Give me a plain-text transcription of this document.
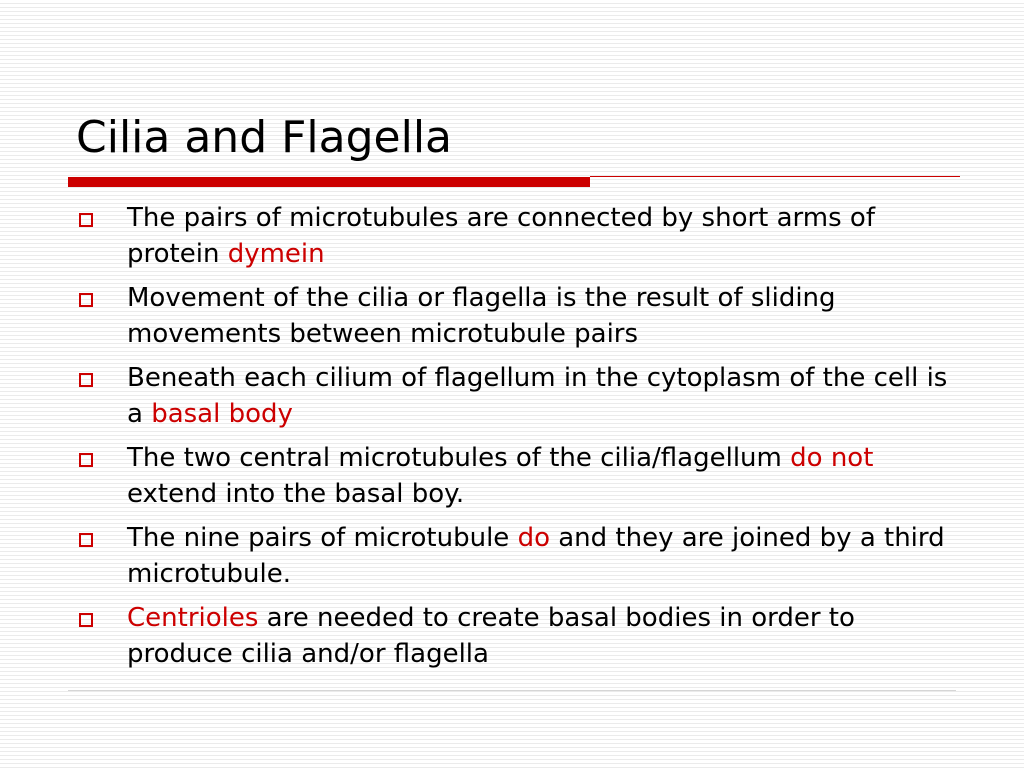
Cilia and Flagella
The pairs of microtubules are connected by short arms of protein dymein
Movement of the cilia or flagella is the result of sliding movements between microtubule pairs
Beneath each cilium of flagellum in the cytoplasm of the cell is a basal body
The two central microtubules of the cilia/flagellum do not extend into the basal boy.
The nine pairs of microtubule do and they are joined by a third microtubule.
Centrioles are needed to create basal bodies in order to produce cilia and/or flagella
